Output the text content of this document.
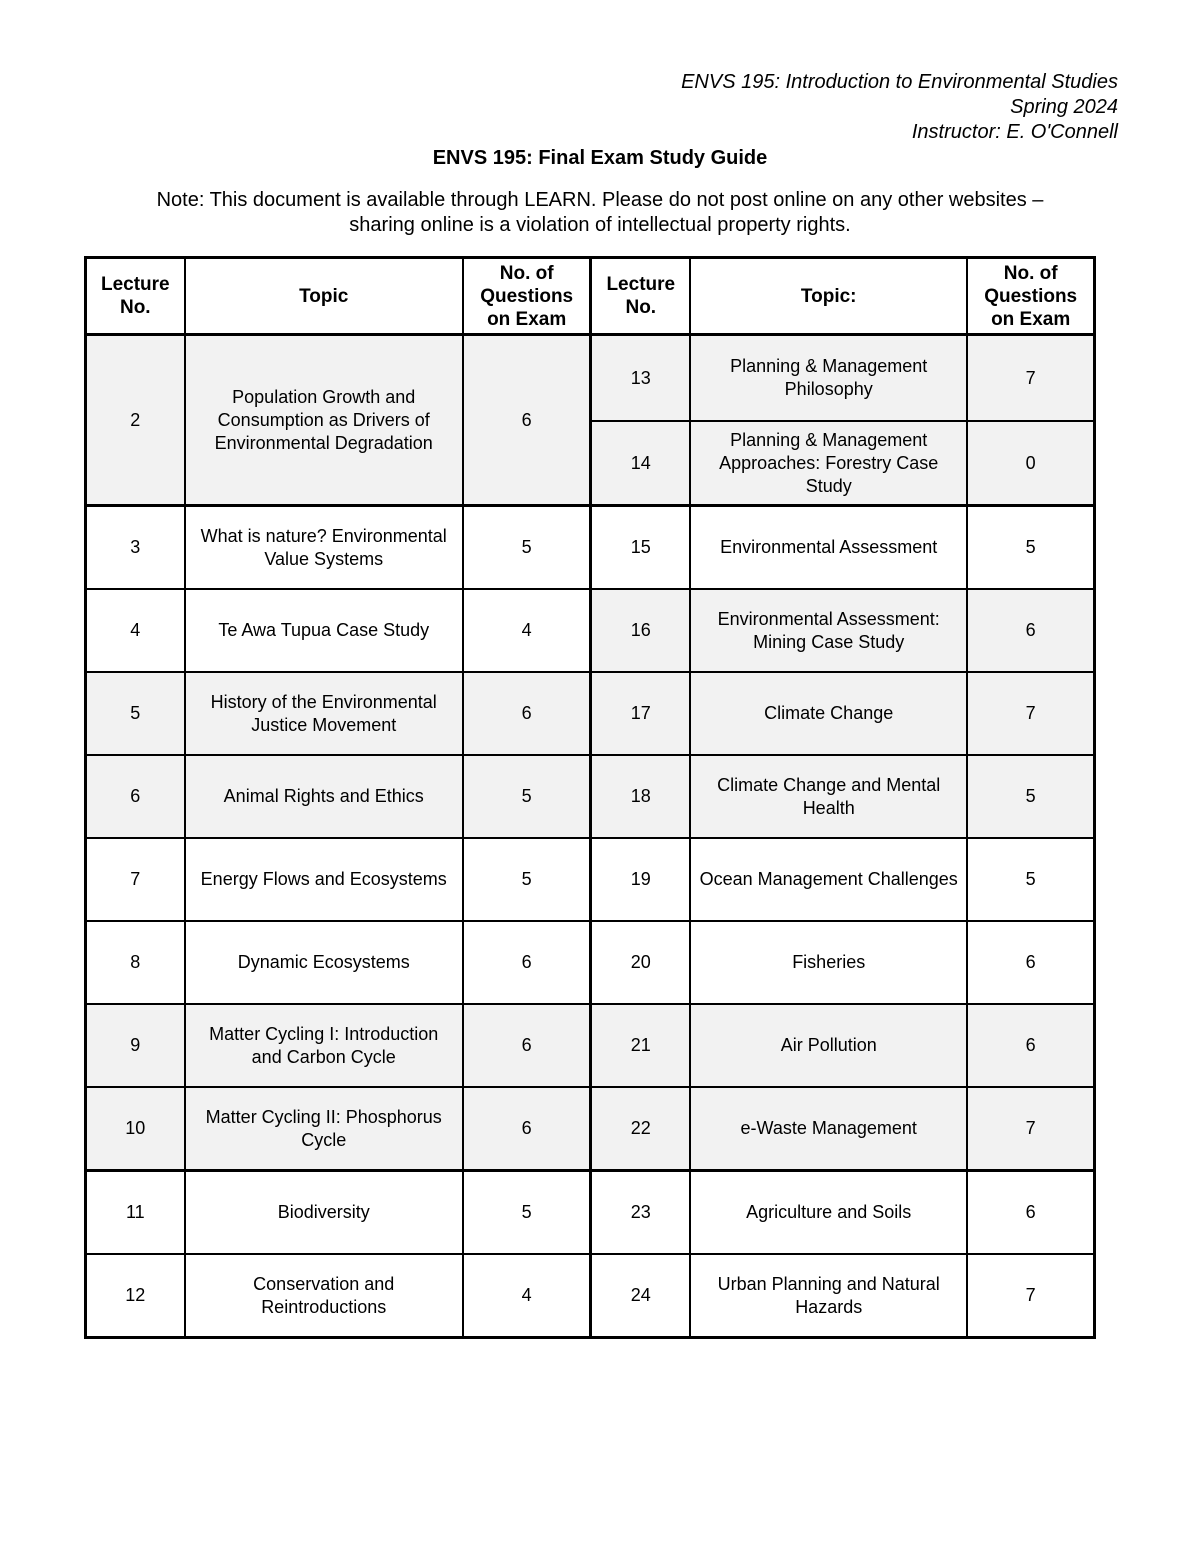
ENVS 195: Introduction to Environmental Studies
Spring 2024
Instructor: E. O'Connell
ENVS 195: Final Exam Study Guide
Note: This document is available through LEARN. Please do not post online on any other websites –
sharing online is a violation of intellectual property rights.
Lecture No.	Topic	No. of Questions on Exam	Lecture No.	Topic:	No. of Questions on Exam
2	Population Growth and Consumption as Drivers of Environmental Degradation	6	13	Planning & Management Philosophy	7
			14	Planning & Management Approaches: Forestry Case Study	0
3	What is nature? Environmental Value Systems	5	15	Environmental Assessment	5
4	Te Awa Tupua Case Study	4	16	Environmental Assessment: Mining Case Study	6
5	History of the Environmental Justice Movement	6	17	Climate Change	7
6	Animal Rights and Ethics	5	18	Climate Change and Mental Health	5
7	Energy Flows and Ecosystems	5	19	Ocean Management Challenges	5
8	Dynamic Ecosystems	6	20	Fisheries	6
9	Matter Cycling I: Introduction and Carbon Cycle	6	21	Air Pollution	6
10	Matter Cycling II: Phosphorus Cycle	6	22	e-Waste Management	7
11	Biodiversity	5	23	Agriculture and Soils	6
12	Conservation and Reintroductions	4	24	Urban Planning and Natural Hazards	7
